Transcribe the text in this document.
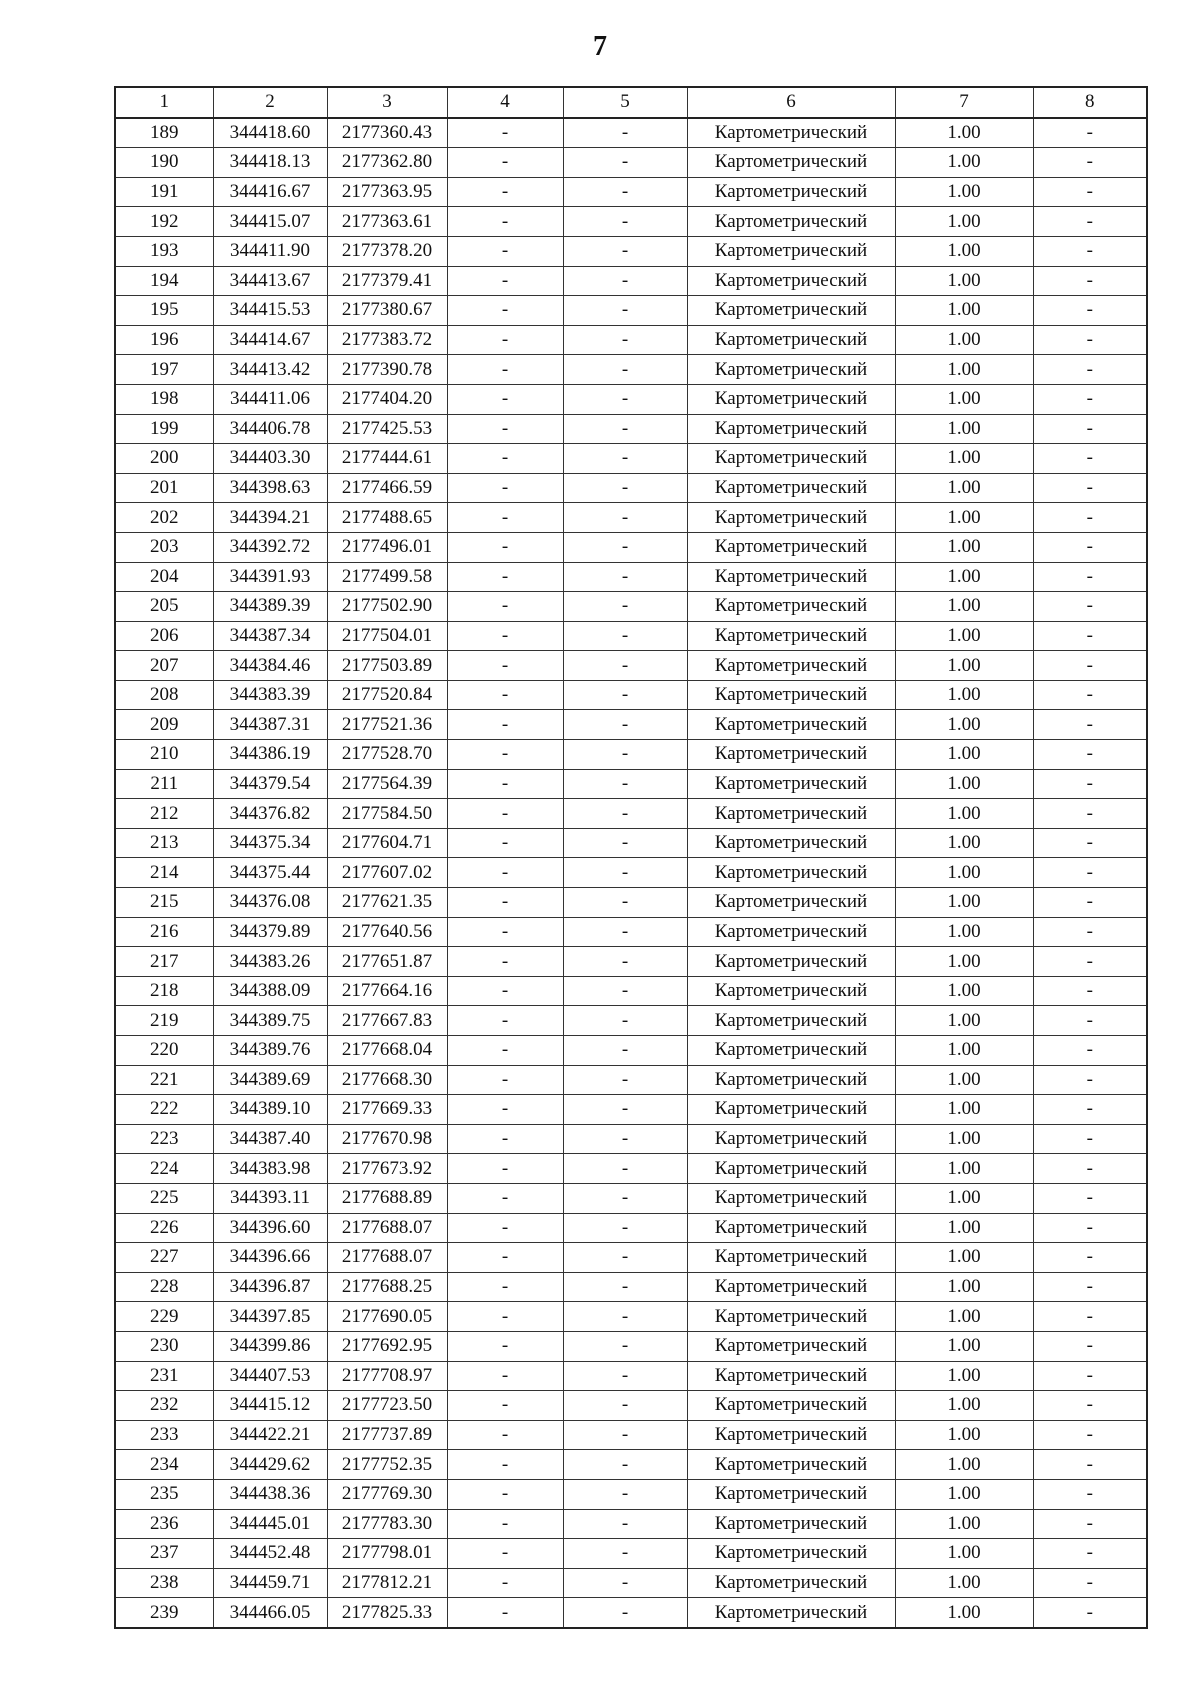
7
1	2	3	4	5	6	7	8
189	344418.60	2177360.43	-	-	Картометрический	1.00	-
190	344418.13	2177362.80	-	-	Картометрический	1.00	-
191	344416.67	2177363.95	-	-	Картометрический	1.00	-
192	344415.07	2177363.61	-	-	Картометрический	1.00	-
193	344411.90	2177378.20	-	-	Картометрический	1.00	-
194	344413.67	2177379.41	-	-	Картометрический	1.00	-
195	344415.53	2177380.67	-	-	Картометрический	1.00	-
196	344414.67	2177383.72	-	-	Картометрический	1.00	-
197	344413.42	2177390.78	-	-	Картометрический	1.00	-
198	344411.06	2177404.20	-	-	Картометрический	1.00	-
199	344406.78	2177425.53	-	-	Картометрический	1.00	-
200	344403.30	2177444.61	-	-	Картометрический	1.00	-
201	344398.63	2177466.59	-	-	Картометрический	1.00	-
202	344394.21	2177488.65	-	-	Картометрический	1.00	-
203	344392.72	2177496.01	-	-	Картометрический	1.00	-
204	344391.93	2177499.58	-	-	Картометрический	1.00	-
205	344389.39	2177502.90	-	-	Картометрический	1.00	-
206	344387.34	2177504.01	-	-	Картометрический	1.00	-
207	344384.46	2177503.89	-	-	Картометрический	1.00	-
208	344383.39	2177520.84	-	-	Картометрический	1.00	-
209	344387.31	2177521.36	-	-	Картометрический	1.00	-
210	344386.19	2177528.70	-	-	Картометрический	1.00	-
211	344379.54	2177564.39	-	-	Картометрический	1.00	-
212	344376.82	2177584.50	-	-	Картометрический	1.00	-
213	344375.34	2177604.71	-	-	Картометрический	1.00	-
214	344375.44	2177607.02	-	-	Картометрический	1.00	-
215	344376.08	2177621.35	-	-	Картометрический	1.00	-
216	344379.89	2177640.56	-	-	Картометрический	1.00	-
217	344383.26	2177651.87	-	-	Картометрический	1.00	-
218	344388.09	2177664.16	-	-	Картометрический	1.00	-
219	344389.75	2177667.83	-	-	Картометрический	1.00	-
220	344389.76	2177668.04	-	-	Картометрический	1.00	-
221	344389.69	2177668.30	-	-	Картометрический	1.00	-
222	344389.10	2177669.33	-	-	Картометрический	1.00	-
223	344387.40	2177670.98	-	-	Картометрический	1.00	-
224	344383.98	2177673.92	-	-	Картометрический	1.00	-
225	344393.11	2177688.89	-	-	Картометрический	1.00	-
226	344396.60	2177688.07	-	-	Картометрический	1.00	-
227	344396.66	2177688.07	-	-	Картометрический	1.00	-
228	344396.87	2177688.25	-	-	Картометрический	1.00	-
229	344397.85	2177690.05	-	-	Картометрический	1.00	-
230	344399.86	2177692.95	-	-	Картометрический	1.00	-
231	344407.53	2177708.97	-	-	Картометрический	1.00	-
232	344415.12	2177723.50	-	-	Картометрический	1.00	-
233	344422.21	2177737.89	-	-	Картометрический	1.00	-
234	344429.62	2177752.35	-	-	Картометрический	1.00	-
235	344438.36	2177769.30	-	-	Картометрический	1.00	-
236	344445.01	2177783.30	-	-	Картометрический	1.00	-
237	344452.48	2177798.01	-	-	Картометрический	1.00	-
238	344459.71	2177812.21	-	-	Картометрический	1.00	-
239	344466.05	2177825.33	-	-	Картометрический	1.00	-
